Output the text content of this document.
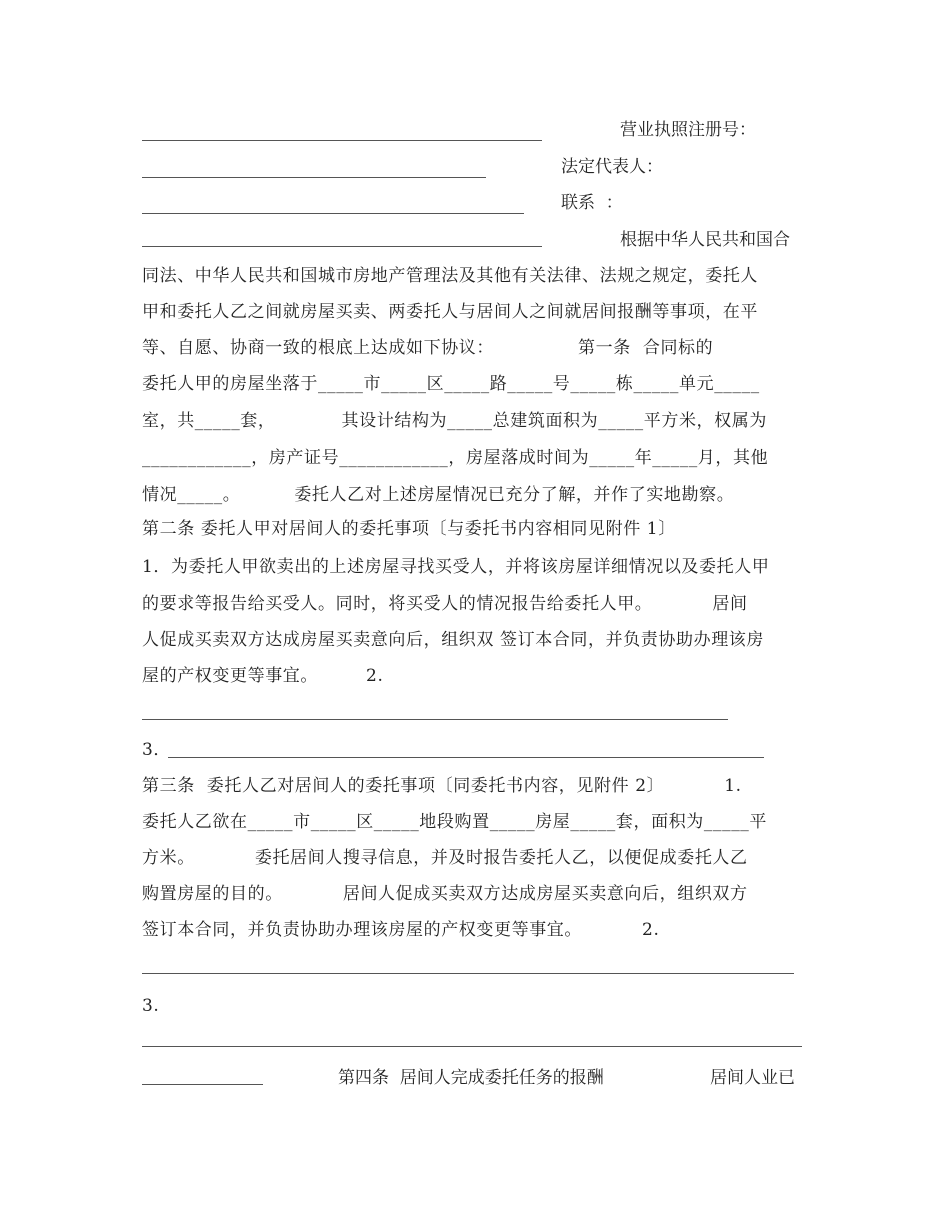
营业执照注册号：
法定代表人：
联系  ：
根据中华人民共和国合
同法、中华人民共和国城市房地产管理法及其他有关法律、法规之规定，委托人
甲和委托人乙之间就房屋买卖、两委托人与居间人之间就居间报酬等事项，在平
等、自愿、协商一致的根底上达成如下协议：              第一条  合同标的
委托人甲的房屋坐落于_____市_____区_____路_____号_____栋_____单元_____
室，共_____套，           其设计结构为_____总建筑面积为_____平方米，权属为
____________，房产证号____________，房屋落成时间为_____年_____月，其他
情况_____。         委托人乙对上述房屋情况已充分了解，并作了实地勘察。
第二条 委托人甲对居间人的委托事项〔与委托书内容相同见附件 1〕
1．为委托人甲欲卖出的上述房屋寻找买受人，并将该房屋详细情况以及委托人甲
的要求等报告给买受人。同时，将买受人的情况报告给委托人甲。          居间
人促成买卖双方达成房屋买卖意向后，组织双 签订本合同，并负责协助办理该房
屋的产权变更等事宜。        2.
3．
第三条  委托人乙对居间人的委托事项〔同委托书内容，见附件 2〕          1.
委托人乙欲在_____市_____区_____地段购置_____房屋_____套，面积为_____平
方米。          委托居间人搜寻信息，并及时报告委托人乙，以便促成委托人乙
购置房屋的目的。          居间人促成买卖双方达成房屋买卖意向后，组织双方
签订本合同，并负责协助办理该房屋的产权变更等事宜。          2.
3.
第四条  居间人完成委托任务的报酬	居间人业已
